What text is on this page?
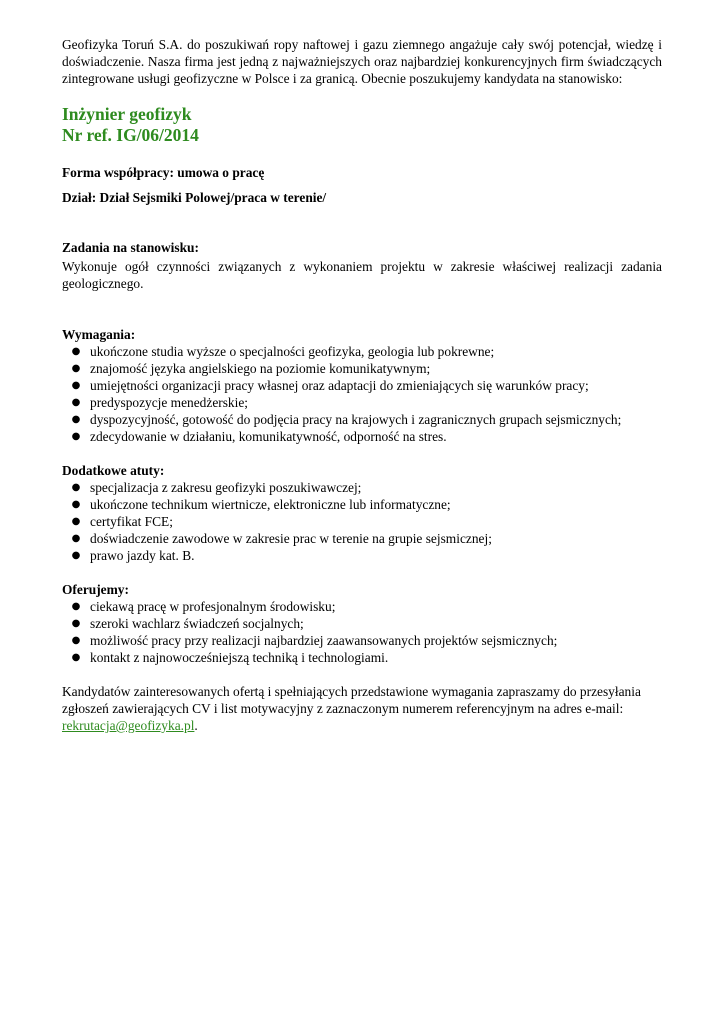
Geofizyka Toruń S.A. do poszukiwań ropy naftowej i gazu ziemnego angażuje cały swój potencjał, wiedzę i doświadczenie. Nasza firma jest jedną z najważniejszych oraz najbardziej konkurencyjnych firm świadczących zintegrowane usługi geofizyczne w Polsce i za granicą. Obecnie poszukujemy kandydata na stanowisko:

Inżynier geofizyk
Nr ref. IG/06/2014

Forma współpracy: umowa o pracę

Dział: Dział Sejsmiki Polowej/praca w terenie/

Zadania na stanowisku:

Wykonuje ogół czynności związanych z wykonaniem projektu w zakresie właściwej realizacji zadania geologicznego.

Wymagania:

● ukończone studia wyższe o specjalności geofizyka, geologia lub pokrewne;
● znajomość języka angielskiego na poziomie komunikatywnym;
● umiejętności organizacji pracy własnej oraz adaptacji do zmieniających się warunków pracy;
● predyspozycje menedżerskie;
● dyspozycyjność, gotowość do podjęcia pracy na krajowych i zagranicznych grupach sejsmicznych;
● zdecydowanie w działaniu, komunikatywność, odporność na stres.

Dodatkowe atuty:

● specjalizacja z zakresu geofizyki poszukiwawczej;
● ukończone technikum wiertnicze, elektroniczne lub informatyczne;
● certyfikat FCE;
● doświadczenie zawodowe w zakresie prac w terenie na grupie sejsmicznej;
● prawo jazdy kat. B.

Oferujemy:

● ciekawą pracę w profesjonalnym środowisku;
● szeroki wachlarz świadczeń socjalnych;
● możliwość pracy przy realizacji najbardziej zaawansowanych projektów sejsmicznych;
● kontakt z najnowocześniejszą techniką i technologiami.

Kandydatów zainteresowanych ofertą i spełniających przedstawione wymagania zapraszamy do przesyłania zgłoszeń zawierających CV i list motywacyjny z zaznaczonym numerem referencyjnym na adres e-mail: rekrutacja@geofizyka.pl.
